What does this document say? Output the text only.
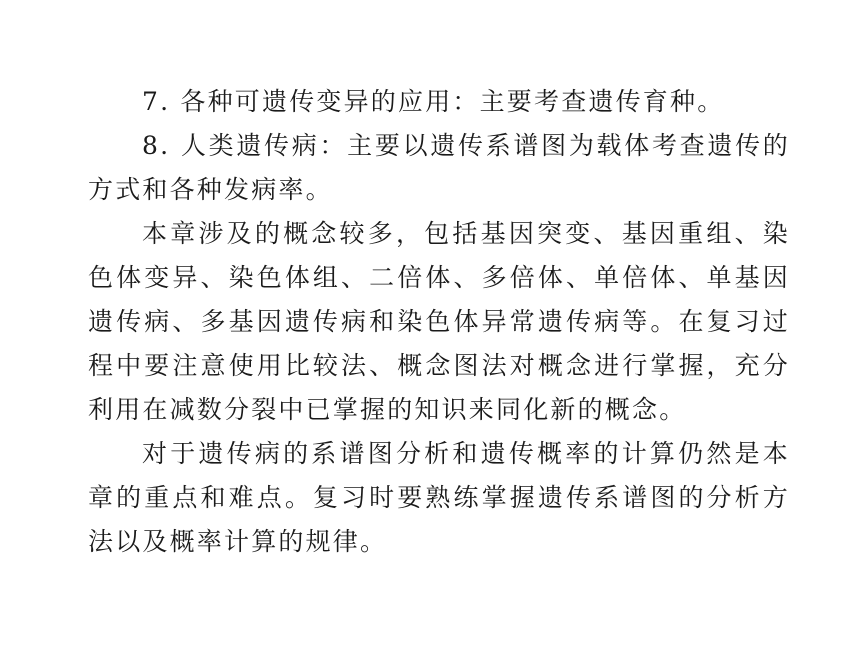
7. 各种可遗传变异的应用：主要考查遗传育种。

8. 人类遗传病：主要以遗传系谱图为载体考查遗传的方式和各种发病率。

本章涉及的概念较多，包括基因突变、基因重组、染色体变异、染色体组、二倍体、多倍体、单倍体、单基因遗传病、多基因遗传病和染色体异常遗传病等。在复习过程中要注意使用比较法、概念图法对概念进行掌握，充分利用在减数分裂中已掌握的知识来同化新的概念。

对于遗传病的系谱图分析和遗传概率的计算仍然是本章的重点和难点。复习时要熟练掌握遗传系谱图的分析方法以及概率计算的规律。
